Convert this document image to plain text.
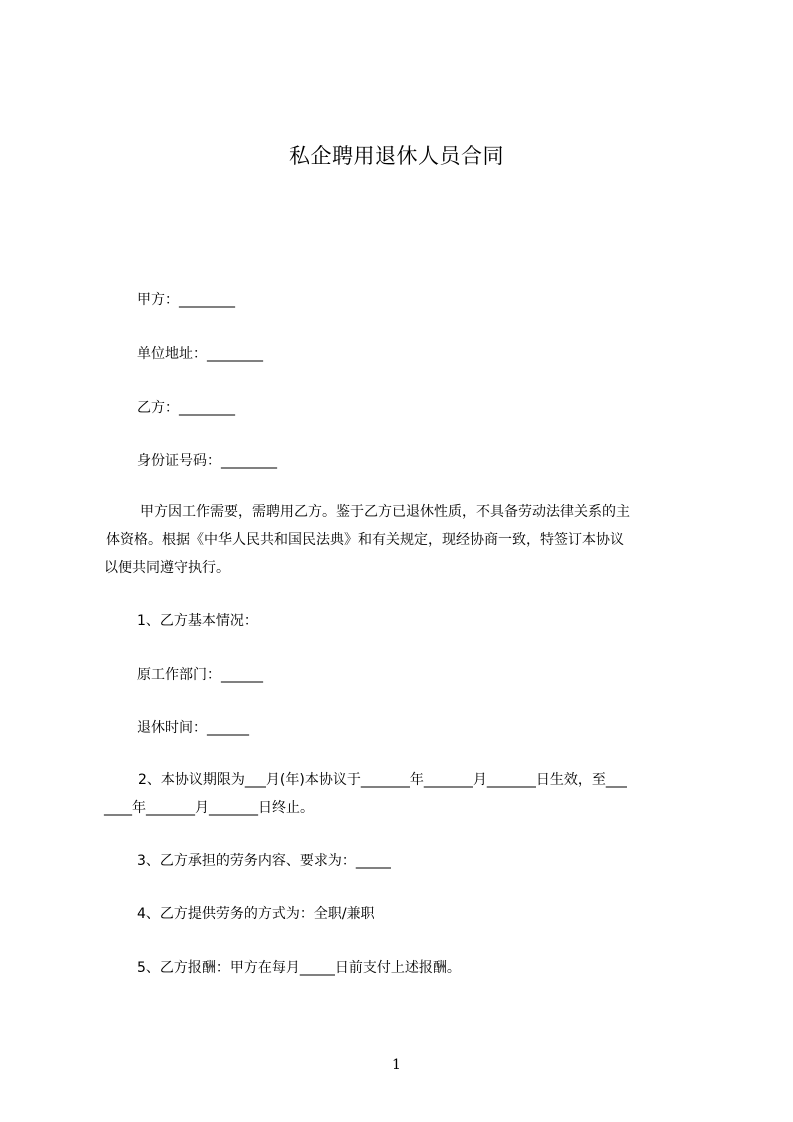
私企聘用退休人员合同
甲方：________
单位地址：________
乙方：________
身份证号码：________
甲方因工作需要，需聘用乙方。鉴于乙方已退休性质，不具备劳动法律关系的主
体资格。根据《中华人民共和国民法典》和有关规定，现经协商一致，特签订本协议
以便共同遵守执行。
1、乙方基本情况：
原工作部门：______
退休时间：______
2、本协议期限为___月(年)本协议于_______年_______月_______日生效，至___
____年_______月_______日终止。
3、乙方承担的劳务内容、要求为：_____
4、乙方提供劳务的方式为：全职/兼职
5、乙方报酬：甲方在每月_____日前支付上述报酬。
1
